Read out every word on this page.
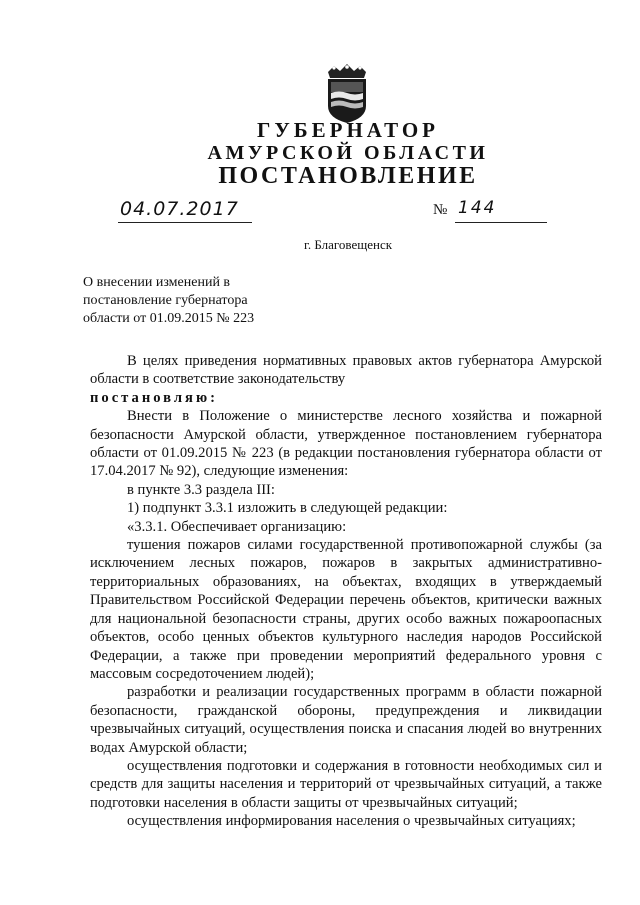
ГУБЕРНАТОР
АМУРСКОЙ ОБЛАСТИ
ПОСТАНОВЛЕНИЕ
04.07.2017	№ 144
г. Благовещенск
О внесении изменений в
постановление губернатора
области от 01.09.2015 № 223

В целях приведения нормативных правовых актов губернатора Амурской области в соответствие законодательству

постановляю:

Внести в Положение о министерстве лесного хозяйства и пожарной безопасности Амурской области, утвержденное постановлением губернатора области от 01.09.2015 № 223 (в редакции постановления губернатора области от 17.04.2017 № 92), следующие изменения:

в пункте 3.3 раздела III:

1) подпункт 3.3.1 изложить в следующей редакции:

«3.3.1. Обеспечивает организацию:

тушения пожаров силами государственной противопожарной службы (за исключением лесных пожаров, пожаров в закрытых административно-территориальных образованиях, на объектах, входящих в утверждаемый Правительством Российской Федерации перечень объектов, критически важных для национальной безопасности страны, других особо важных пожароопасных объектов, особо ценных объектов культурного наследия народов Российской Федерации, а также при проведении мероприятий федерального уровня с массовым сосредоточением людей);

разработки и реализации государственных программ в области пожарной безопасности, гражданской обороны, предупреждения и ликвидации чрезвычайных ситуаций, осуществления поиска и спасания людей во внутренних водах Амурской области;

осуществления подготовки и содержания в готовности необходимых сил и средств для защиты населения и территорий от чрезвычайных ситуаций, а также подготовки населения в области защиты от чрезвычайных ситуаций;

осуществления информирования населения о чрезвычайных ситуациях;
